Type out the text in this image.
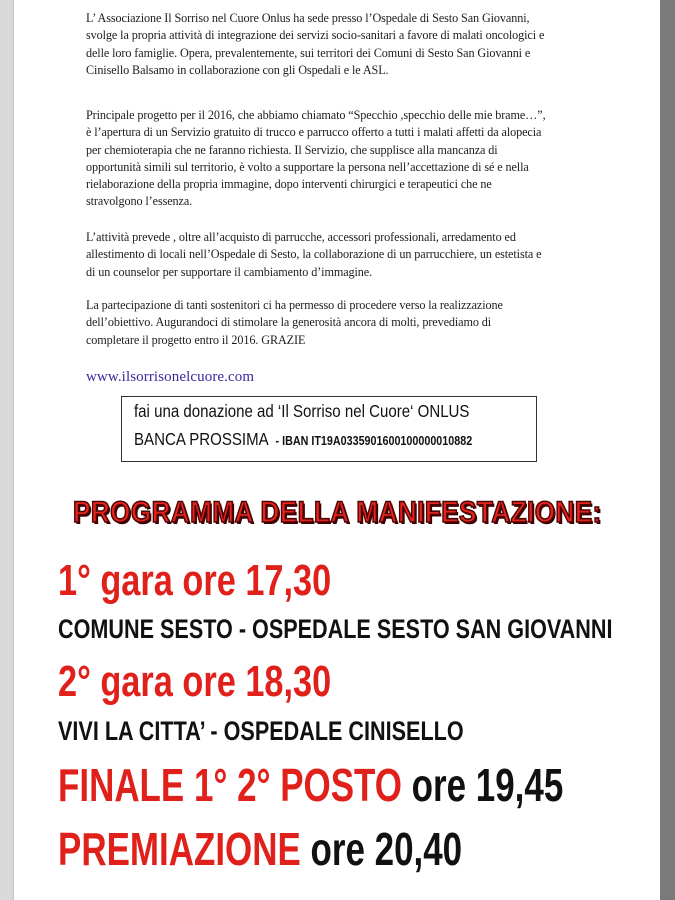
L’ Associazione Il Sorriso nel Cuore Onlus ha sede presso l’Ospedale di Sesto San Giovanni,
svolge la propria attività di integrazione dei servizi socio-sanitari a favore di malati oncologici e
delle loro famiglie. Opera, prevalentemente, sui territori dei Comuni di Sesto San Giovanni e
Cinisello Balsamo in collaborazione con gli Ospedali e le ASL.
Principale progetto per il 2016, che abbiamo chiamato “Specchio ,specchio delle mie brame…”,
è l’apertura di un Servizio gratuito di trucco e parrucco offerto a tutti i malati affetti da alopecia
per chemioterapia che ne faranno richiesta. Il Servizio, che supplisce alla mancanza di
opportunità simili sul territorio, è volto a supportare la persona nell’accettazione di sé e nella
rielaborazione della propria immagine, dopo interventi chirurgici e terapeutici che ne
stravolgono l’essenza.
L’attività prevede , oltre all’acquisto di parrucche, accessori professionali, arredamento ed
allestimento di locali nell’Ospedale di Sesto, la collaborazione di un parrucchiere, un estetista e
di un counselor per supportare il cambiamento d’immagine.
La partecipazione di tanti sostenitori ci ha permesso di procedere verso la realizzazione
dell’obiettivo. Augurandoci di stimolare la generosità ancora di molti, prevediamo di
completare il progetto entro il 2016. GRAZIE
www.ilsorrisonelcuore.com
fai una donazione ad ‘Il Sorriso nel Cuore‘ ONLUS
BANCA PROSSIMA - IBAN IT19A0335901600100000010882
PROGRAMMA DELLA MANIFESTAZIONE:
1° gara ore 17,30
COMUNE SESTO - OSPEDALE SESTO SAN GIOVANNI
2° gara ore 18,30
VIVI LA CITTA’ - OSPEDALE CINISELLO
FINALE 1° 2° POSTO ore 19,45
PREMIAZIONE ore 20,40
